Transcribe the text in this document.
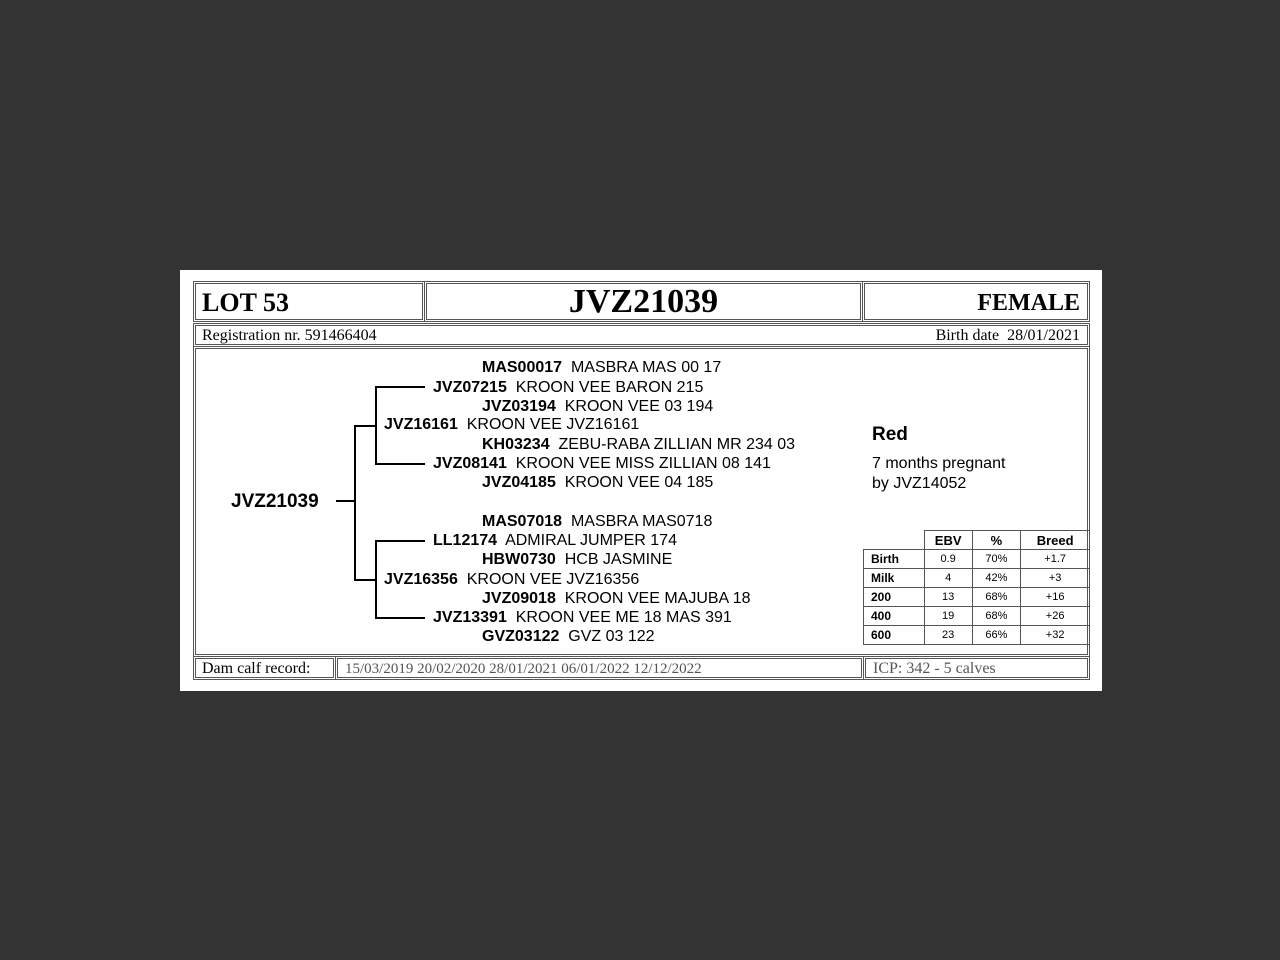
LOT 53	JVZ21039	FEMALE
Registration nr. 591466404	Birth date 28/01/2021
JVZ21039
MAS00017 MASBRA MAS 00 17
JVZ07215 KROON VEE BARON 215
JVZ03194 KROON VEE 03 194
JVZ16161 KROON VEE JVZ16161
KH03234 ZEBU-RABA ZILLIAN MR 234 03
JVZ08141 KROON VEE MISS ZILLIAN 08 141
JVZ04185 KROON VEE 04 185
MAS07018 MASBRA MAS0718
LL12174 ADMIRAL JUMPER 174
HBW0730 HCB JASMINE
JVZ16356 KROON VEE JVZ16356
JVZ09018 KROON VEE MAJUBA 18
JVZ13391 KROON VEE ME 18 MAS 391
GVZ03122 GVZ 03 122
Red
7 months pregnant
by JVZ14052
	EBV	%	Breed
Birth	0.9	70%	+1.7
Milk	4	42%	+3
200	13	68%	+16
400	19	68%	+26
600	23	66%	+32
Dam calf record: 15/03/2019 20/02/2020 28/01/2021 06/01/2022 12/12/2022	ICP: 342 - 5 calves
